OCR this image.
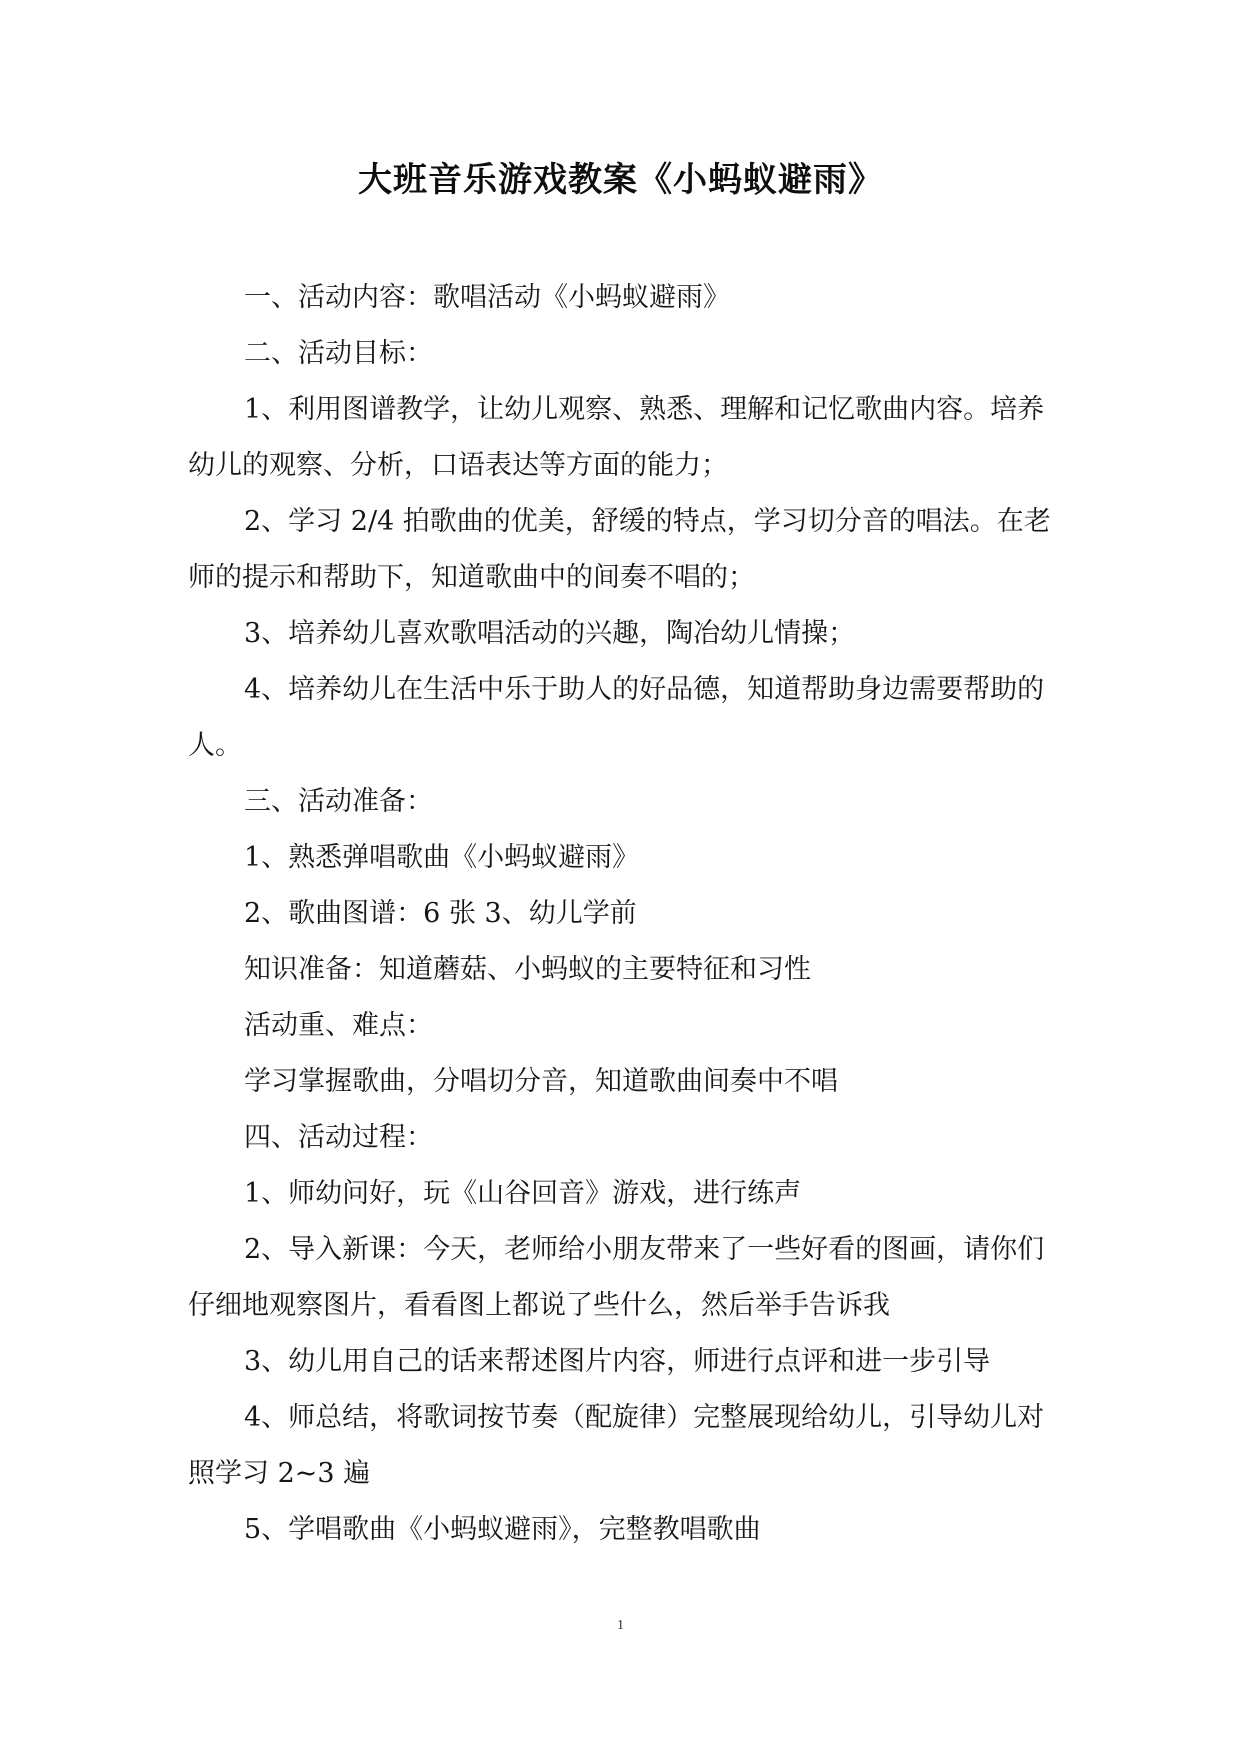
大班音乐游戏教案《小蚂蚁避雨》

一、活动内容：歌唱活动《小蚂蚁避雨》

二、活动目标：

1、利用图谱教学，让幼儿观察、熟悉、理解和记忆歌曲内容。培养幼儿的观察、分析，口语表达等方面的能力；

2、学习 2/4 拍歌曲的优美，舒缓的特点，学习切分音的唱法。在老师的提示和帮助下，知道歌曲中的间奏不唱的；

3、培养幼儿喜欢歌唱活动的兴趣，陶冶幼儿情操；

4、培养幼儿在生活中乐于助人的好品德，知道帮助身边需要帮助的人。

三、活动准备：

1、熟悉弹唱歌曲《小蚂蚁避雨》

2、歌曲图谱：6 张 3、幼儿学前

知识准备：知道蘑菇、小蚂蚁的主要特征和习性

活动重、难点：

学习掌握歌曲，分唱切分音，知道歌曲间奏中不唱

四、活动过程：

1、师幼问好，玩《山谷回音》游戏，进行练声

2、导入新课：今天，老师给小朋友带来了一些好看的图画，请你们仔细地观察图片，看看图上都说了些什么，然后举手告诉我

3、幼儿用自己的话来帮述图片内容，师进行点评和进一步引导

4、师总结，将歌词按节奏（配旋律）完整展现给幼儿，引导幼儿对照学习 2~3 遍

5、学唱歌曲《小蚂蚁避雨》，完整教唱歌曲

1
